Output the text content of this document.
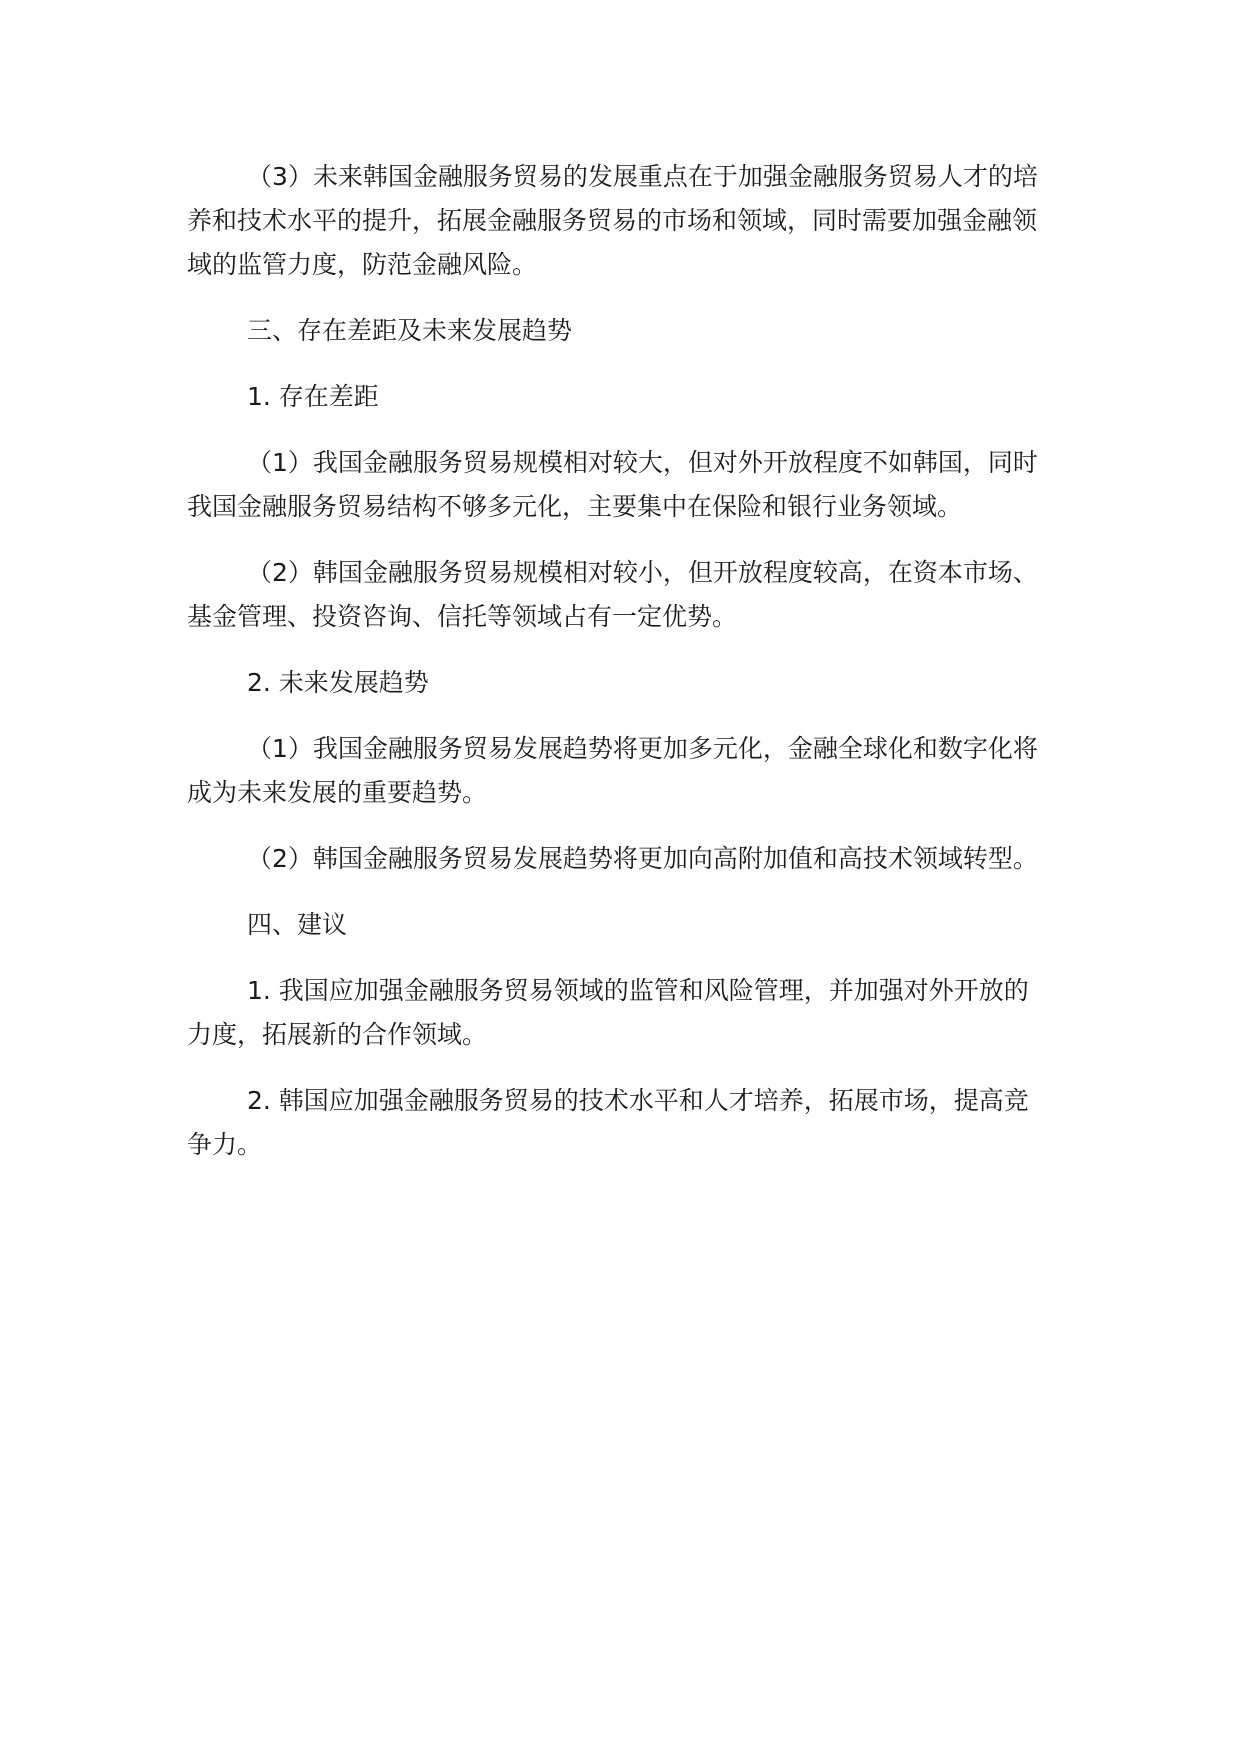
（3）未来韩国金融服务贸易的发展重点在于加强金融服务贸易人才的培养和技术水平的提升，拓展金融服务贸易的市场和领域，同时需要加强金融领域的监管力度，防范金融风险。

三、存在差距及未来发展趋势

1. 存在差距

（1）我国金融服务贸易规模相对较大，但对外开放程度不如韩国，同时我国金融服务贸易结构不够多元化，主要集中在保险和银行业务领域。

（2）韩国金融服务贸易规模相对较小，但开放程度较高，在资本市场、基金管理、投资咨询、信托等领域占有一定优势。

2. 未来发展趋势

（1）我国金融服务贸易发展趋势将更加多元化，金融全球化和数字化将成为未来发展的重要趋势。

（2）韩国金融服务贸易发展趋势将更加向高附加值和高技术领域转型。

四、建议

1. 我国应加强金融服务贸易领域的监管和风险管理，并加强对外开放的力度，拓展新的合作领域。

2. 韩国应加强金融服务贸易的技术水平和人才培养，拓展市场，提高竞争力。
